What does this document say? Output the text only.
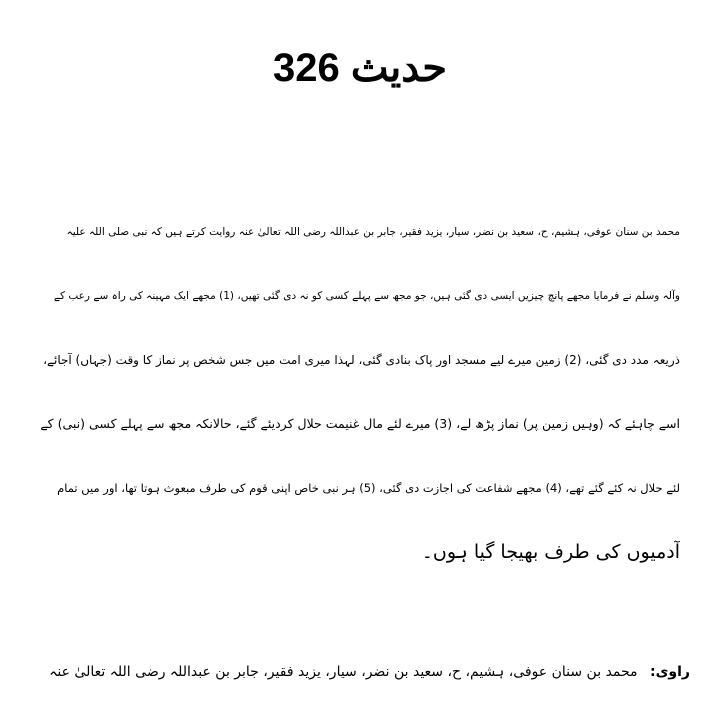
حدیث 326
محمد بن سنان عوفی، ہشیم، ح، سعید بن نضر، سیار، یزید فقیر، جابر بن عبداللہ رضی اللہ تعالیٰ عنہ روایت کرتے ہیں کہ نبی صلی اللہ علیہ
وآلہ وسلم نے فرمایا مجھے پانچ چیزیں ایسی دی گئی ہیں، جو مجھ سے پہلے کسی کو نہ دی گئی تھیں، (1) مجھے ایک مہینہ کی راہ سے رعب کے
ذریعہ مدد دی گئی، (2) زمین میرے لیے مسجد اور پاک بنادی گئی، لہذا میری امت میں جس شخص پر نماز کا وقت (جہاں) آجائے،
اسے چاہئے کہ (وہیں زمین پر) نماز پڑھ لے، (3) میرے لئے مال غنیمت حلال کردیئے گئے، حالانکہ مجھ سے پہلے کسی (نبی) کے
لئے حلال نہ کئے گئے تھے، (4) مجھے شفاعت کی اجازت دی گئی، (5) ہر نبی خاص اپنی قوم کی طرف مبعوث ہوتا تھا، اور میں تمام
آدمیوں کی طرف بھیجا گیا ہوں۔
راوی: محمد بن سنان عوفی، ہشیم، ح، سعید بن نضر، سیار، یزید فقیر، جابر بن عبداللہ رضی اللہ تعالیٰ عنہ
